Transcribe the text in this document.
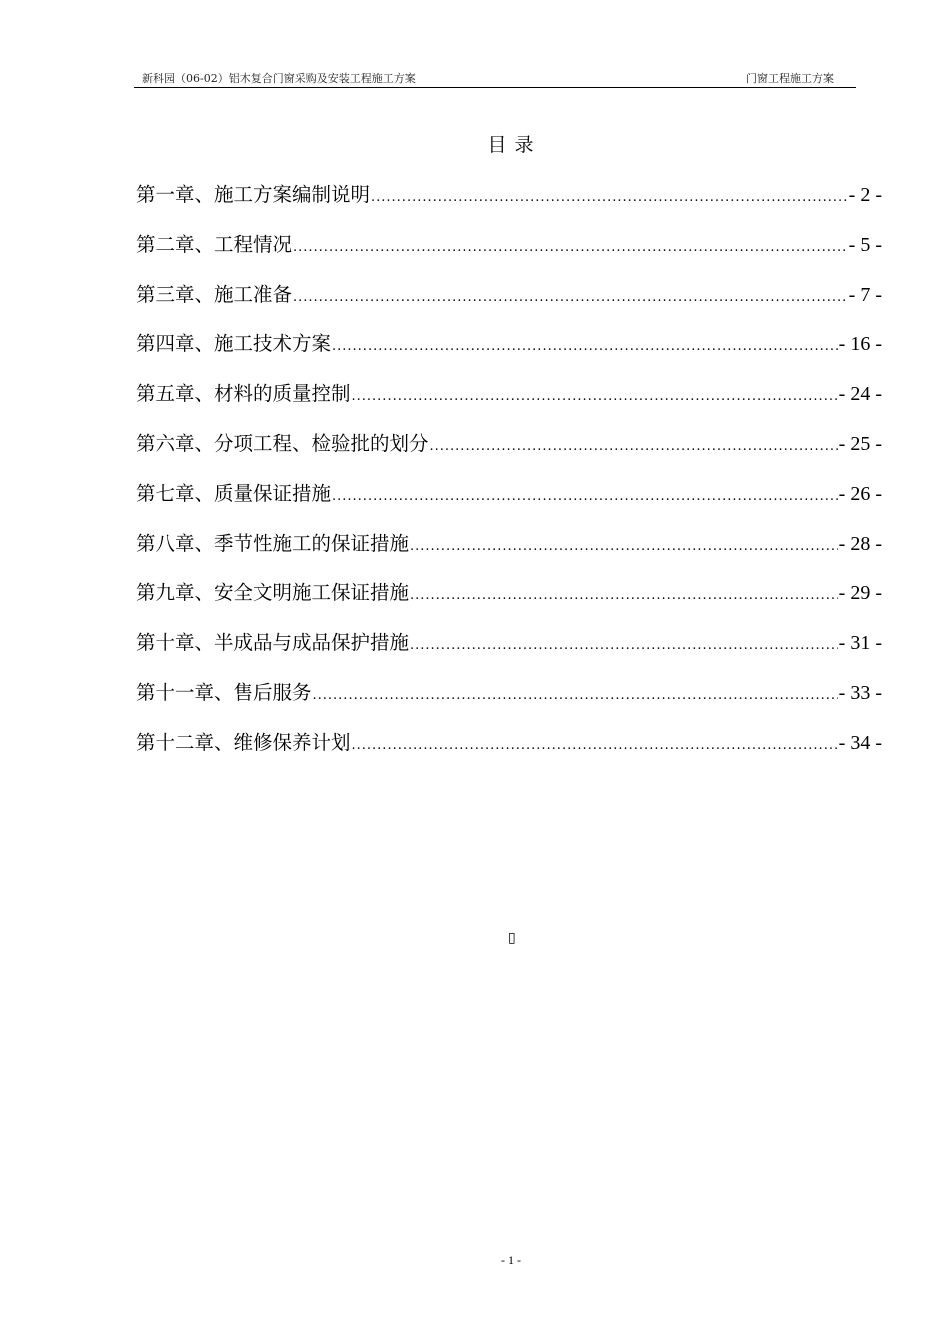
新科园（06-02）铝木复合门窗采购及安装工程施工方案	门窗工程施工方案
目 录
第一章、施工方案编制说明 .....	- 2 -
第二章、工程情况 .....	- 5 -
第三章、施工准备 .....	- 7 -
第四章、施工技术方案 .....	- 16 -
第五章、材料的质量控制 .....	- 24 -
第六章、分项工程、检验批的划分 .....	- 25 -
第七章、质量保证措施 .....	- 26 -
第八章、季节性施工的保证措施 .....	- 28 -
第九章、安全文明施工保证措施 .....	- 29 -
第十章、半成品与成品保护措施 .....	- 31 -
第十一章、售后服务 .....	- 33 -
第十二章、维修保养计划 .....	- 34 -
▯
- 1 -
